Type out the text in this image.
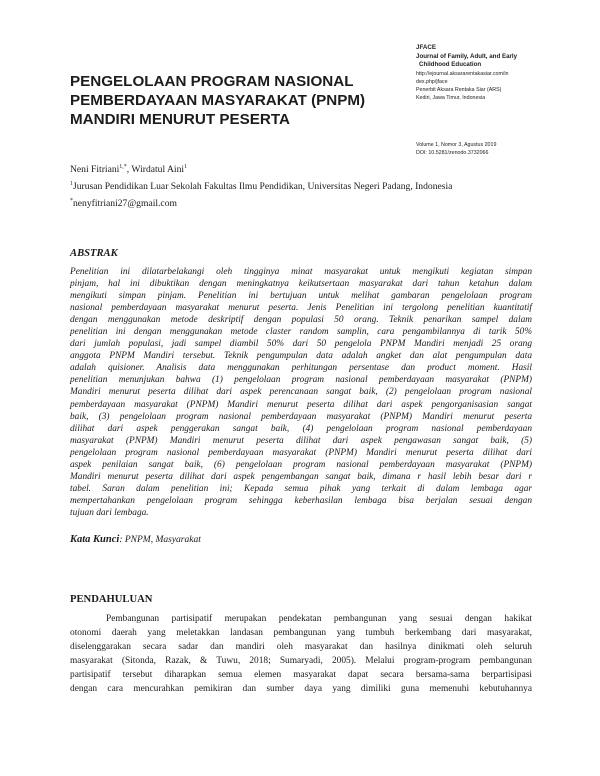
PENGELOLAAN PROGRAM NASIONAL
PEMBERDAYAAN MASYARAKAT (PNPM)
MANDIRI MENURUT PESERTA
JFACE
Journal of Family, Adult, and Early
Childhood Education
http://ejournal.aksararentakasiar.com/in
dex.php/jface
Penerbit Aksara Rentaka Siar (ARS)
Kediri, Jawa Timur, Indonesia
Volume 1, Nomor 3, Agustus 2019
DOI: 10.5281/zenodo.3732066
Neni Fitriani$^{1,*}$, Wirdatul Aini$^1$
$^1$Jurusan Pendidikan Luar Sekolah Fakultas Ilmu Pendidikan, Universitas Negeri Padang, Indonesia
*nenyfitriani27@gmail.com
ABSTRAK
Penelitian ini dilatarbelakangi oleh tingginya minat masyarakat untuk mengikuti kegiatan simpan
pinjam, hal ini dibuktikan dengan meningkatnya keikutsertaan masyarakat dari tahun ketahun dalam
mengikuti simpan pinjam. Penelitian ini bertujuan untuk melihat gambaran pengelolaan program
nasional pemberdayaan masyarakat menurut peserta. Jenis Penelitian ini tergolong penelitian kuantitatif
dengan menggunakan metode deskriptif dengan populasi 50 orang. Teknik penarikan sampel dalam
penelitian ini dengan menggunakan metode claster random samplin, cara pengambilannya di tarik 50%
dari jumlah populasi, jadi sampel diambil 50% dari 50 pengelola PNPM Mandiri menjadi 25 orang
anggota PNPM Mandiri tersebut. Teknik pengumpulan data adalah angket dan alat pengumpulan data
adalah quisioner. Analisis data menggunakan perhitungan persentase dan product moment. Hasil
penelitian menunjukan bahwa (1) pengelolaan program nasional pemberdayaan masyarakat (PNPM)
Mandiri menurut peserta dilihat dari aspek perencanaan sangat baik, (2) pengelolaan program nasional
pemberdayaan masyarakat (PNPM) Mandiri menurut peserta dilihat dari aspek pengorganisasian sangat
baik, (3) pengelolaan program nasional pemberdayaan masyarakat (PNPM) Mandiri menurut peserta
dilihat dari aspek penggerakan sangat baik, (4) pengelolaan program nasional pemberdayaan
masyarakat (PNPM) Mandiri menurut peserta dilihat dari aspek pengawasan sangat baik, (5)
pengelolaan program nasional pemberdayaan masyarakat (PNPM) Mandiri menurut peserta dilihat dari
aspek penilaian sangat baik, (6) pengelolaan program nasional pemberdayaan masyarakat (PNPM)
Mandiri menurut peserta dilihat dari aspek pengembangan sangat baik, dimana r hasil lebih besar dari r
tabel. Saran dalam penelitian ini; Kepada semua pihak yang terkait di dalam lembaga agar
mempertahankan pengelolaan program sehingga keberhasilan lembaga bisa berjalan sesuai dengan
tujuan dari lembaga.
Kata Kunci: PNPM, Masyarakat
PENDAHULUAN
Pembangunan partisipatif merupakan pendekatan pembangunan yang sesuai dengan hakikat
otonomi daerah yang meletakkan landasan pembangunan yang tumbuh berkembang dari masyarakat,
diselenggarakan secara sadar dan mandiri oleh masyarakat dan hasilnya dinikmati oleh seluruh
masyarakat (Sitonda, Razak, & Tuwu, 2018; Sumaryadi, 2005). Melalui program-program pembangunan
partisipatif tersebut diharapkan semua elemen masyarakat dapat secara bersama-sama berpartisipasi
dengan cara mencurahkan pemikiran dan sumber daya yang dimiliki guna memenuhi kebutuhannya
